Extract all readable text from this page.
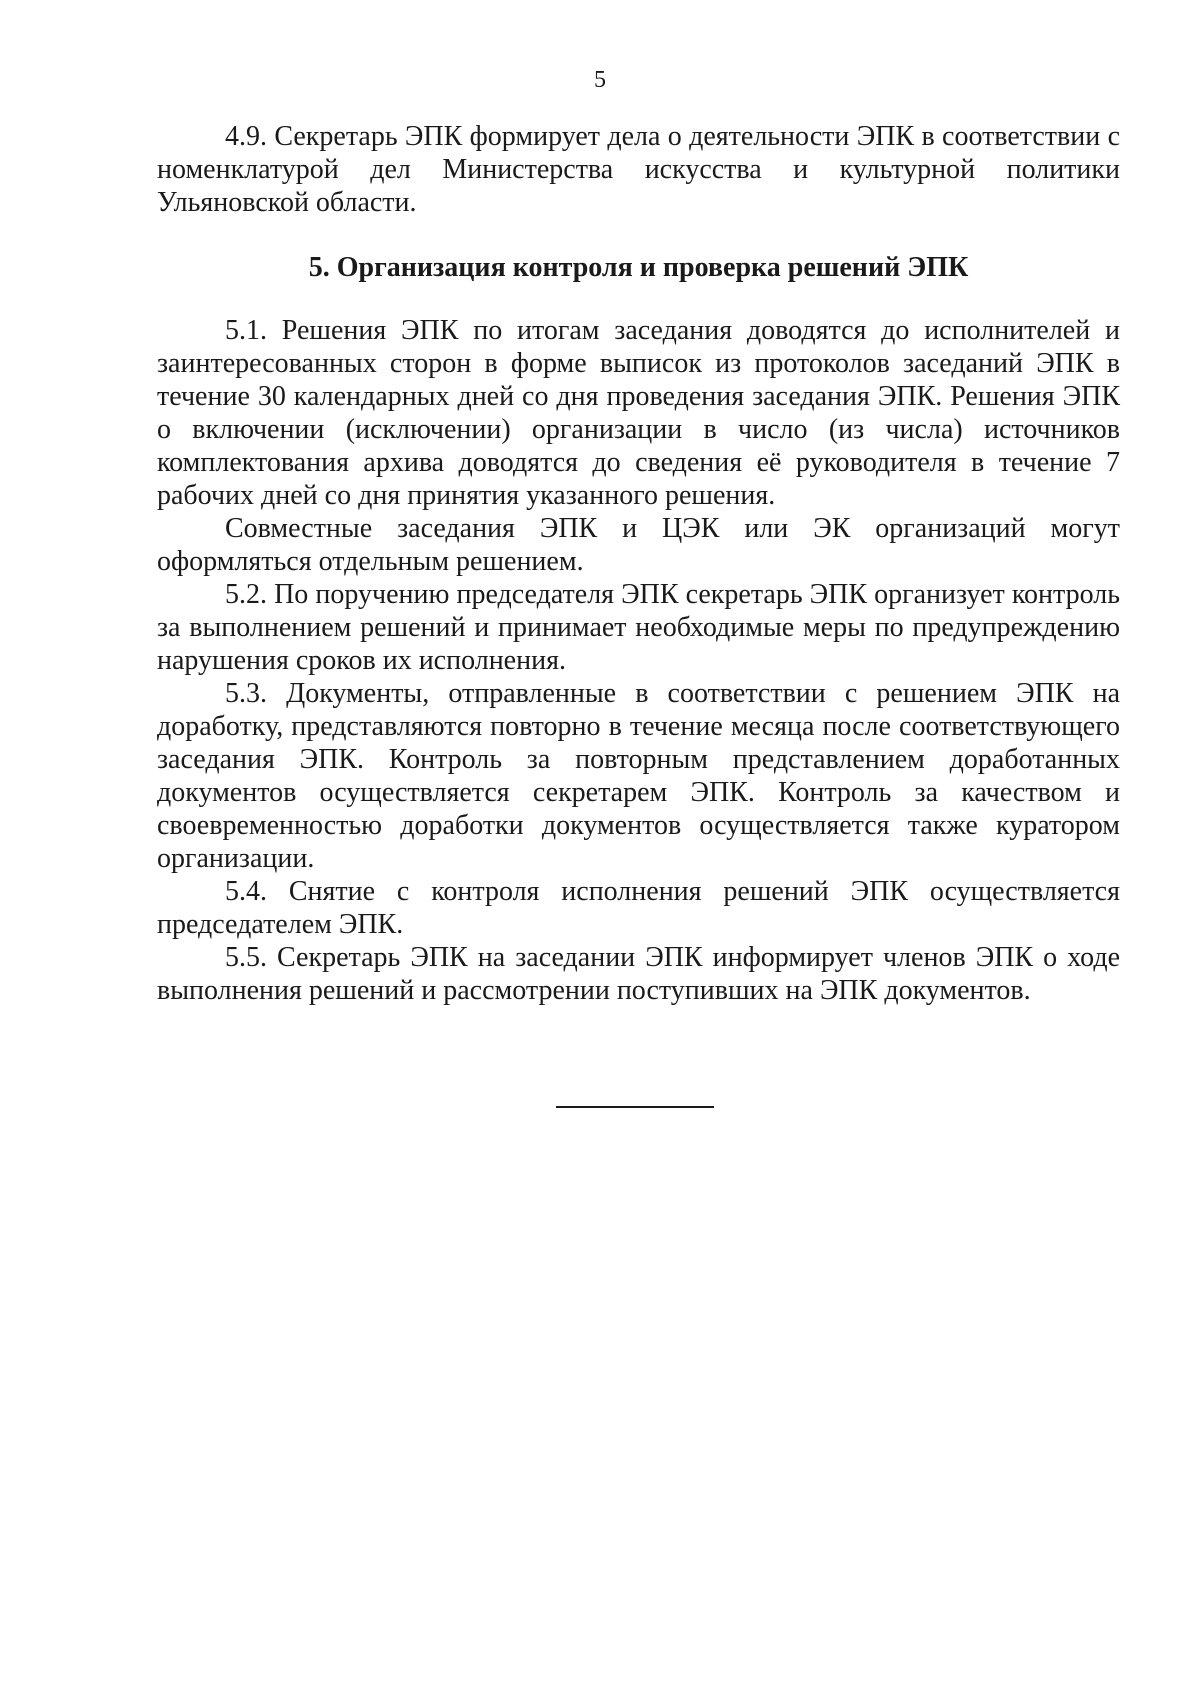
5

4.9. Секретарь ЭПК формирует дела о деятельности ЭПК в соответствии с номенклатурой дел Министерства искусства и культурной политики Ульяновской области.

5. Организация контроля и проверка решений ЭПК

5.1. Решения ЭПК по итогам заседания доводятся до исполнителей и заинтересованных сторон в форме выписок из протоколов заседаний ЭПК в течение 30 календарных дней со дня проведения заседания ЭПК. Решения ЭПК о включении (исключении) организации в число (из числа) источников комплектования архива доводятся до сведения её руководителя в течение 7 рабочих дней со дня принятия указанного решения.

Совместные заседания ЭПК и ЦЭК или ЭК организаций могут оформляться отдельным решением.

5.2. По поручению председателя ЭПК секретарь ЭПК организует контроль за выполнением решений и принимает необходимые меры по предупреждению нарушения сроков их исполнения.

5.3. Документы, отправленные в соответствии с решением ЭПК на доработку, представляются повторно в течение месяца после соответствующего заседания ЭПК. Контроль за повторным представлением доработанных документов осуществляется секретарем ЭПК. Контроль за качеством и своевременностью доработки документов осуществляется также куратором организации.

5.4. Снятие с контроля исполнения решений ЭПК осуществляется председателем ЭПК.

5.5. Секретарь ЭПК на заседании ЭПК информирует членов ЭПК о ходе выполнения решений и рассмотрении поступивших на ЭПК документов.
